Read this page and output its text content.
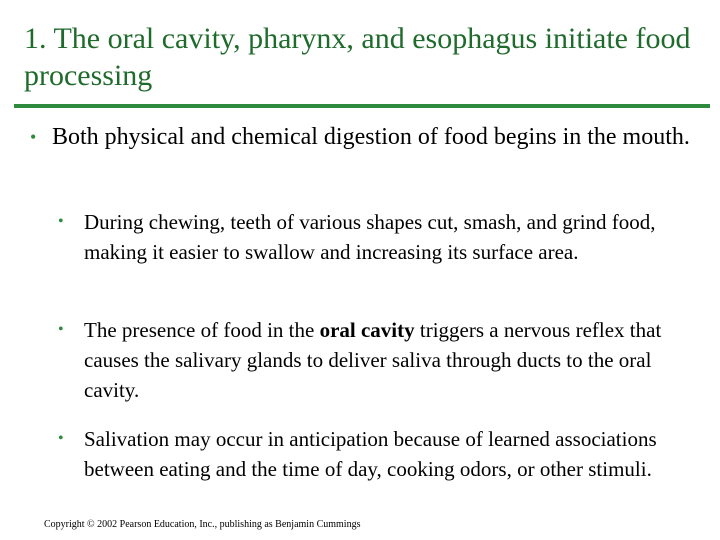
1. The oral cavity, pharynx, and esophagus initiate food processing
• Both physical and chemical digestion of food begins in the mouth.
• During chewing, teeth of various shapes cut, smash, and grind food, making it easier to swallow and increasing its surface area.
• The presence of food in the oral cavity triggers a nervous reflex that causes the salivary glands to deliver saliva through ducts to the oral cavity.
• Salivation may occur in anticipation because of learned associations between eating and the time of day, cooking odors, or other stimuli.
Copyright © 2002 Pearson Education, Inc., publishing as Benjamin Cummings
